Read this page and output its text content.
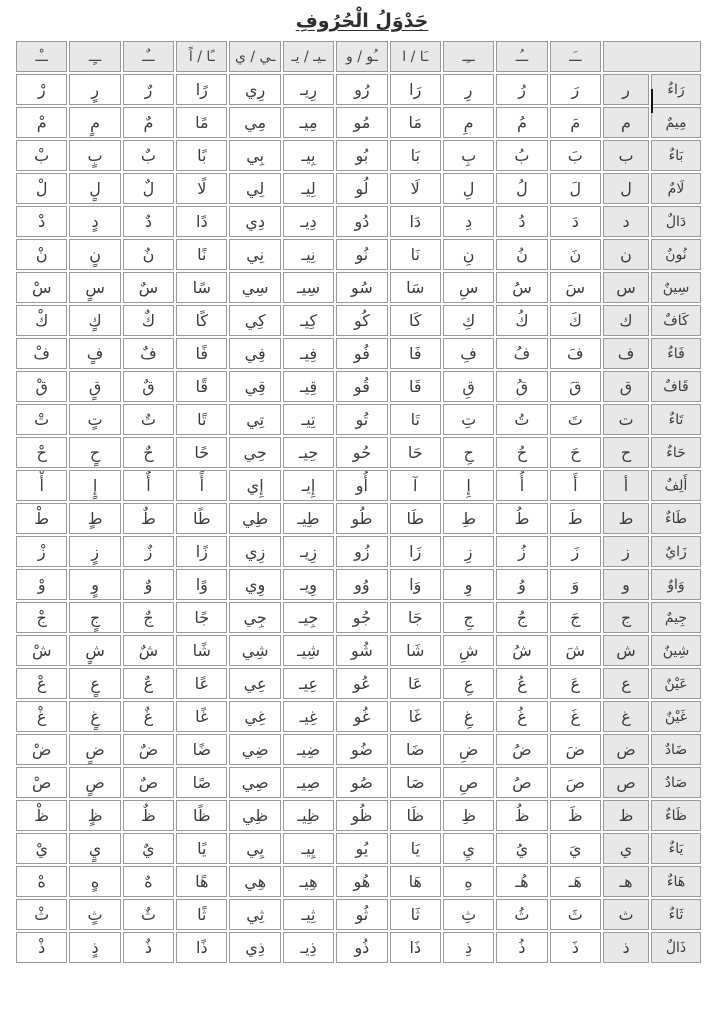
جَدْوَلُ الْحُرُوفِ
		ــَـ	ــُـ	ــِـ	ـَا / ا	ـُو / و	ـيـ / يـ	ـي / ي	ـًا / اً	ــٌـ	ــٍـ	ــْـ
رَاءٌ	ر	رَ	رُ	رِ	رَا	رُو	رِيـ	رِي	رًا	رٌ	رٍ	رْ
مِيمٌ	م	مَ	مُ	مِ	مَا	مُو	مِيـ	مِي	مًا	مٌ	مٍ	مْ
بَاءٌ	ب	بَ	بُ	بِ	بَا	بُو	بِيـ	بِي	بًا	بٌ	بٍ	بْ
لَامٌ	ل	لَ	لُ	لِ	لَا	لُو	لِيـ	لِي	لًا	لٌ	لٍ	لْ
دَالٌ	د	دَ	دُ	دِ	دَا	دُو	دِيـ	دِي	دًا	دٌ	دٍ	دْ
نُونٌ	ن	نَ	نُ	نِ	نَا	نُو	نِيـ	نِي	نًا	نٌ	نٍ	نْ
سِينٌ	س	سَ	سُ	سِ	سَا	سُو	سِيـ	سِي	سًا	سٌ	سٍ	سْ
كَافٌ	ك	كَ	كُ	كِ	كَا	كُو	كِيـ	كِي	كًا	كٌ	كٍ	كْ
فَاءٌ	ف	فَ	فُ	فِ	فَا	فُو	فِيـ	فِي	فًا	فٌ	فٍ	فْ
قَافٌ	ق	قَ	قُ	قِ	قَا	قُو	قِيـ	قِي	قًا	قٌ	قٍ	قْ
تَاءٌ	ت	تَ	تُ	تِ	تَا	تُو	تِيـ	تِي	تًا	تٌ	تٍ	تْ
حَاءٌ	ح	حَ	حُ	حِ	حَا	حُو	حِيـ	حِي	حًا	حٌ	حٍ	حْ
أَلِفٌ	أ	أَ	أُ	إِ	آ	أُو	إِيـ	إِي	أً	أٌ	إٍ	أْ
طَاءٌ	ط	طَ	طُ	طِ	طَا	طُو	طِيـ	طِي	طًا	طٌ	طٍ	طْ
زَايٌ	ز	زَ	زُ	زِ	زَا	زُو	زِيـ	زِي	زًا	زٌ	زٍ	زْ
وَاوٌ	و	وَ	وُ	وِ	وَا	وُو	وِيـ	وِي	وًا	وٌ	وٍ	وْ
جِيمٌ	ج	جَ	جُ	جِ	جَا	جُو	جِيـ	جِي	جًا	جٌ	جٍ	جْ
شِينٌ	ش	شَ	شُ	شِ	شَا	شُو	شِيـ	شِي	شًا	شٌ	شٍ	شْ
عَيْنٌ	ع	عَ	عُ	عِ	عَا	عُو	عِيـ	عِي	عًا	عٌ	عٍ	عْ
غَيْنٌ	غ	غَ	غُ	غِ	غَا	غُو	غِيـ	غِي	غًا	غٌ	غٍ	غْ
ضَادٌ	ض	ضَ	ضُ	ضِ	ضَا	ضُو	ضِيـ	ضِي	ضًا	ضٌ	ضٍ	ضْ
صَادٌ	ص	صَ	صُ	صِ	صَا	صُو	صِيـ	صِي	صًا	صٌ	صٍ	صْ
ظَاءٌ	ظ	ظَ	ظُ	ظِ	ظَا	ظُو	ظِيـ	ظِي	ظًا	ظٌ	ظٍ	ظْ
يَاءٌ	ي	يَ	يُ	يِ	يَا	يُو	يِيـ	يِي	يًا	يٌ	يٍ	يْ
هَاءٌ	هـ	هَـ	هُـ	هِ	هَا	هُو	هِيـ	هِي	هًا	هٌ	هٍ	هْ
ثَاءٌ	ث	ثَ	ثُ	ثِ	ثَا	ثُو	ثِيـ	ثِي	ثًا	ثٌ	ثٍ	ثْ
ذَالٌ	ذ	ذَ	ذُ	ذِ	ذَا	ذُو	ذِيـ	ذِي	ذًا	ذٌ	ذٍ	ذْ
